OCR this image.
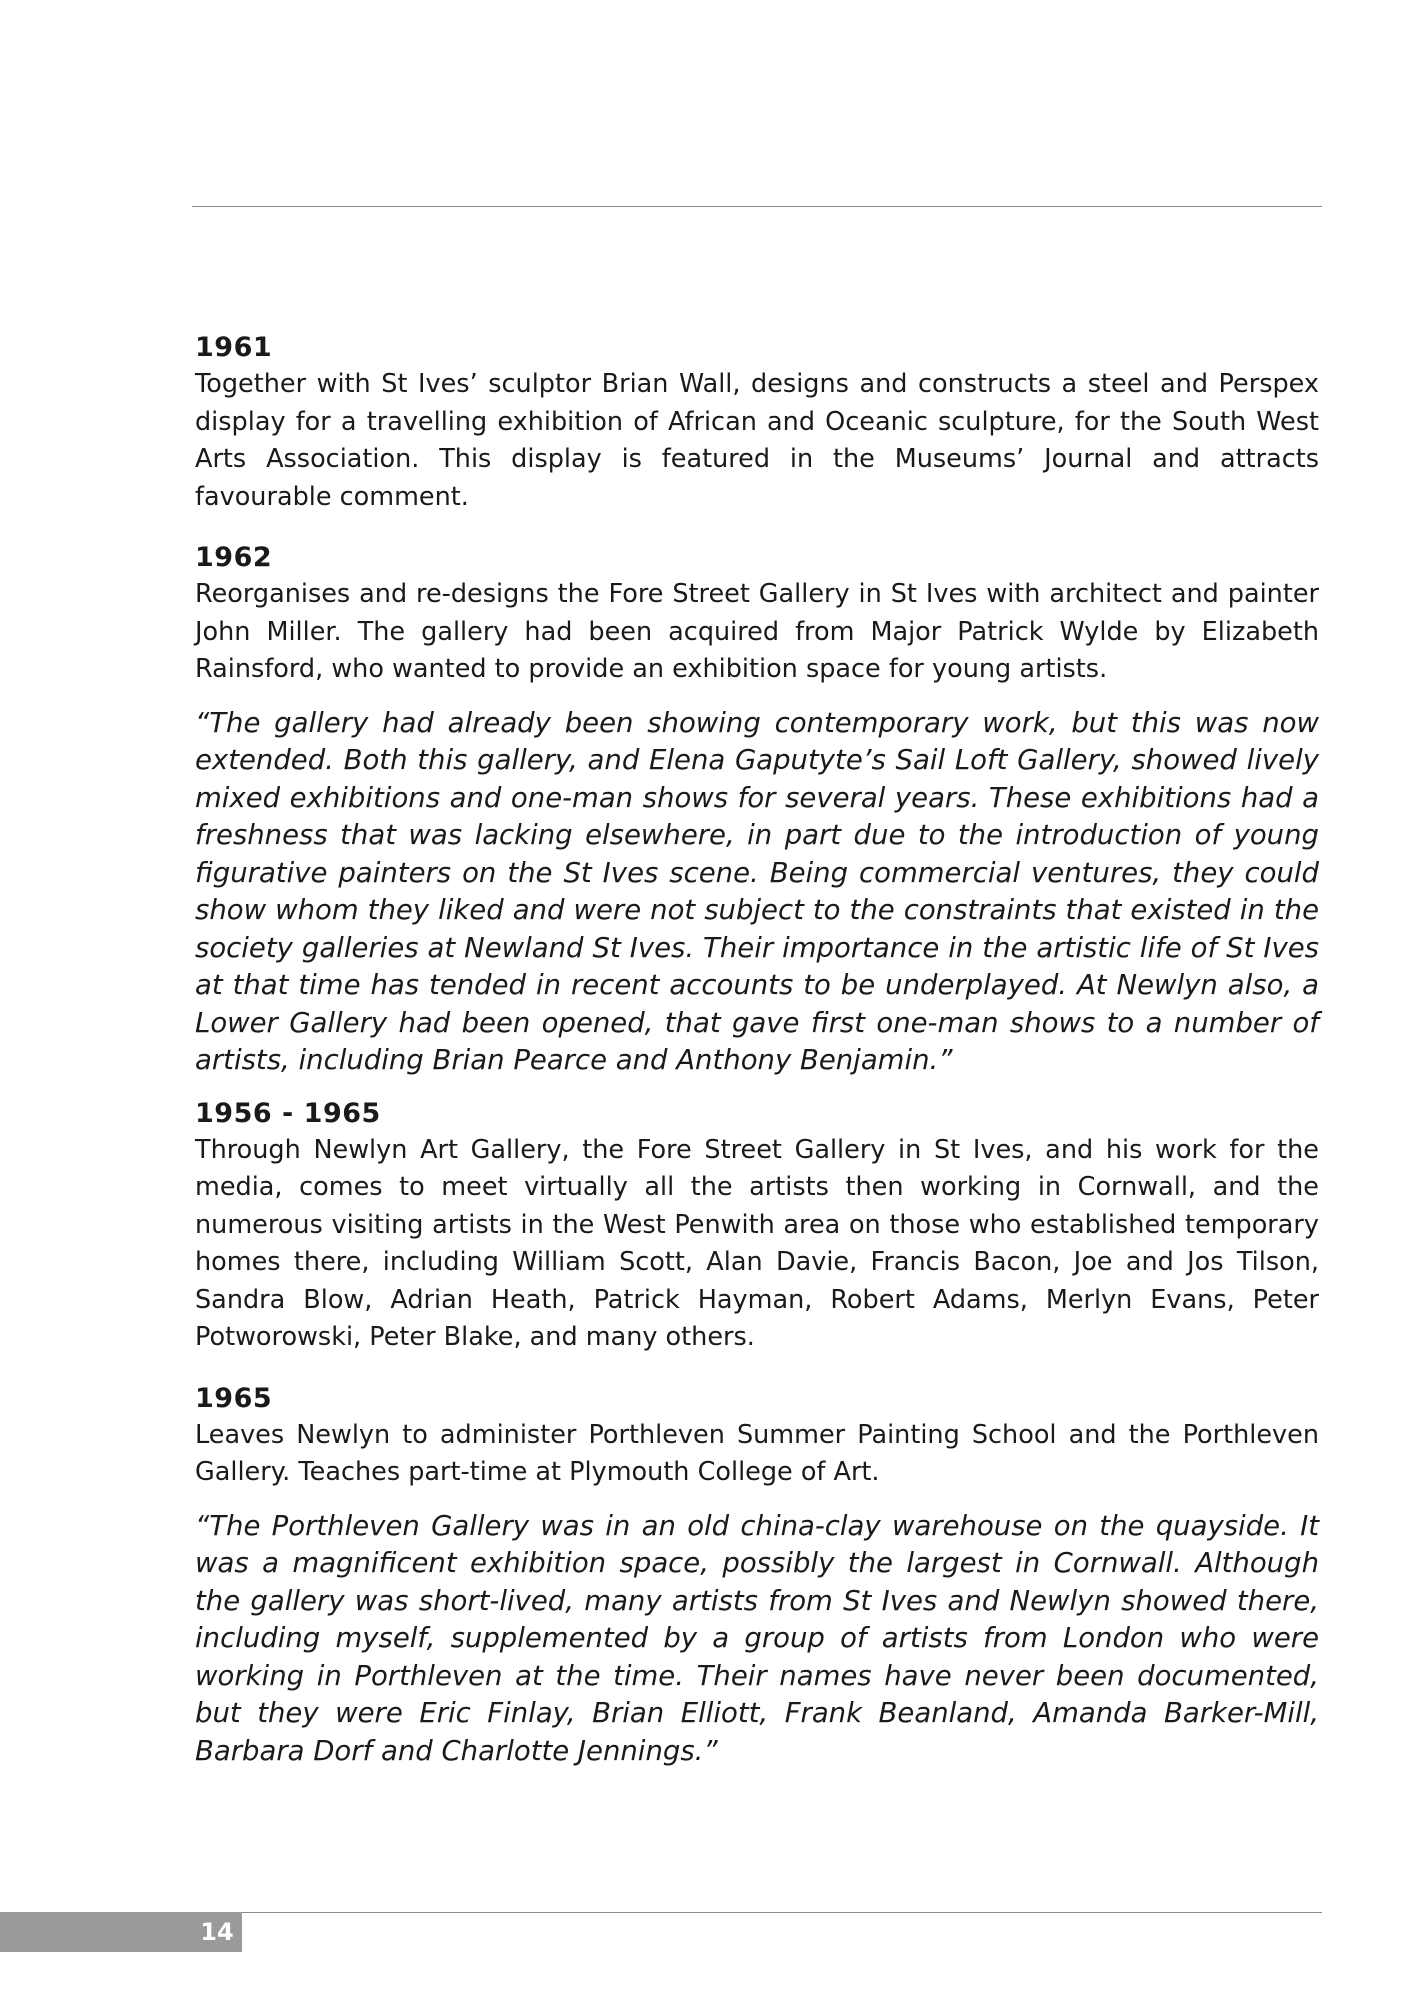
1961

Together with St Ives’ sculptor Brian Wall, designs and constructs a steel and Perspex display for a travelling exhibition of African and Oceanic sculpture, for the South West Arts Association. This display is featured in the Museums’ Journal and attracts favourable comment.

1962

Reorganises and re-designs the Fore Street Gallery in St Ives with architect and painter John Miller. The gallery had been acquired from Major Patrick Wylde by Elizabeth Rainsford, who wanted to provide an exhibition space for young artists.

“The gallery had already been showing contemporary work, but this was now extended. Both this gallery, and Elena Gaputyte’s Sail Loft Gallery, showed lively mixed exhibitions and one-man shows for several years. These exhibitions had a freshness that was lacking elsewhere, in part due to the introduction of young figurative painters on the St Ives scene. Being commercial ventures, they could show whom they liked and were not subject to the constraints that existed in the society galleries at Newland St Ives. Their importance in the artistic life of St Ives at that time has tended in recent accounts to be underplayed. At Newlyn also, a Lower Gallery had been opened, that gave first one-man shows to a number of artists, including Brian Pearce and Anthony Benjamin.”

1956 - 1965

Through Newlyn Art Gallery, the Fore Street Gallery in St Ives, and his work for the media, comes to meet virtually all the artists then working in Cornwall, and the numerous visiting artists in the West Penwith area on those who established temporary homes there, including William Scott, Alan Davie, Francis Bacon, Joe and Jos Tilson, Sandra Blow, Adrian Heath, Patrick Hayman, Robert Adams, Merlyn Evans, Peter Potworowski, Peter Blake, and many others.

1965

Leaves Newlyn to administer Porthleven Summer Painting School and the Porthleven Gallery. Teaches part-time at Plymouth College of Art.

“The Porthleven Gallery was in an old china-clay warehouse on the quayside. It was a magnificent exhibition space, possibly the largest in Cornwall. Although the gallery was short-lived, many artists from St Ives and Newlyn showed there, including myself, supplemented by a group of artists from London who were working in Porthleven at the time. Their names have never been documented, but they were Eric Finlay, Brian Elliott, Frank Beanland, Amanda Barker-Mill, Barbara Dorf and Charlotte Jennings.”

14
